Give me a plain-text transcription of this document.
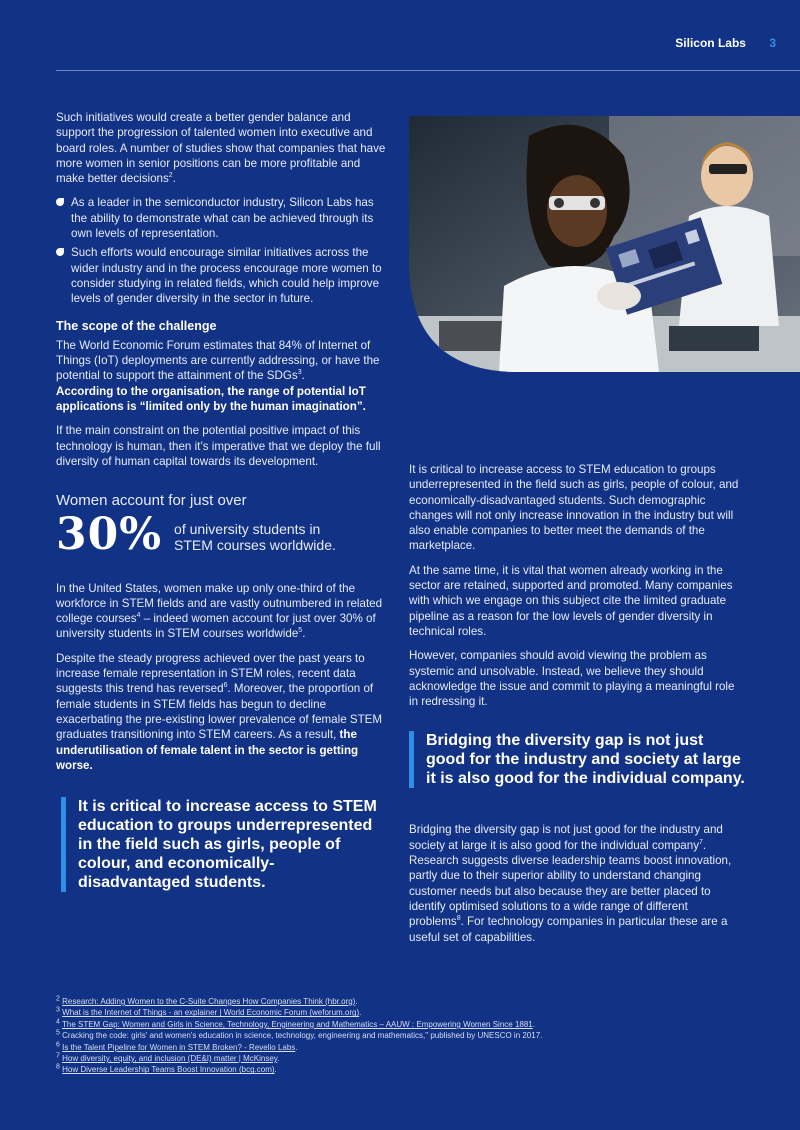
Silicon Labs 3

Such initiatives would create a better gender balance and support the progression of talented women into executive and board roles. A number of studies show that companies that have more women in senior positions can be more profitable and make better decisions$^2$.

As a leader in the semiconductor industry, Silicon Labs has the ability to demonstrate what can be achieved through its own levels of representation.
Such efforts would encourage similar initiatives across the wider industry and in the process encourage more women to consider studying in related fields, which could help improve levels of gender diversity in the sector in future.
The scope of the challenge

The World Economic Forum estimates that 84% of Internet of Things (IoT) deployments are currently addressing, or have the potential to support the attainment of the SDGs$^3$.
According to the organisation, the range of potential IoT applications is “limited only by the human imagination”.

If the main constraint on the potential positive impact of this technology is human, then it’s imperative that we deploy the full diversity of human capital towards its development.

Women account for just over
30% of university students in
STEM courses worldwide.

In the United States, women make up only one-third of the workforce in STEM fields and are vastly outnumbered in related college courses$^4$ – indeed women account for just over 30% of university students in STEM courses worldwide$^5$.

Despite the steady progress achieved over the past years to increase female representation in STEM roles, recent data suggests this trend has reversed$^6$. Moreover, the proportion of female students in STEM fields has begun to decline exacerbating the pre-existing lower prevalence of female STEM graduates transitioning into STEM careers. As a result, the underutilisation of female talent in the sector is getting worse.

It is critical to increase access to STEM education to groups underrepresented in the field such as girls, people of colour, and economically-disadvantaged students.

It is critical to increase access to STEM education to groups underrepresented in the field such as girls, people of colour, and economically-disadvantaged students. Such demographic changes will not only increase innovation in the industry but will also enable companies to better meet the demands of the marketplace.

At the same time, it is vital that women already working in the sector are retained, supported and promoted. Many companies with which we engage on this subject cite the limited graduate pipeline as a reason for the low levels of gender diversity in technical roles.

However, companies should avoid viewing the problem as systemic and unsolvable. Instead, we believe they should acknowledge the issue and commit to playing a meaningful role in redressing it.

Bridging the diversity gap is not just good for the industry and society at large it is also good for the individual company.

Bridging the diversity gap is not just good for the industry and society at large it is also good for the individual company$^7$. Research suggests diverse leadership teams boost innovation, partly due to their superior ability to understand changing customer needs but also because they are better placed to identify optimised solutions to a wide range of different problems$^8$. For technology companies in particular these are a useful set of capabilities.

$^2$ Research: Adding Women to the C-Suite Changes How Companies Think (hbr.org).
$^3$ What is the Internet of Things - an explainer | World Economic Forum (weforum.org).
$^4$ The STEM Gap: Women and Girls in Science, Technology, Engineering and Mathematics – AAUW : Empowering Women Since 1881.
$^5$ Cracking the code: girls' and women's education in science, technology, engineering and mathematics," published by UNESCO in 2017.
$^6$ Is the Talent Pipeline for Women in STEM Broken? - Revelio Labs.
$^7$ How diversity, equity, and inclusion (DE&I) matter | McKinsey.
$^8$ How Diverse Leadership Teams Boost Innovation (bcg.com).
